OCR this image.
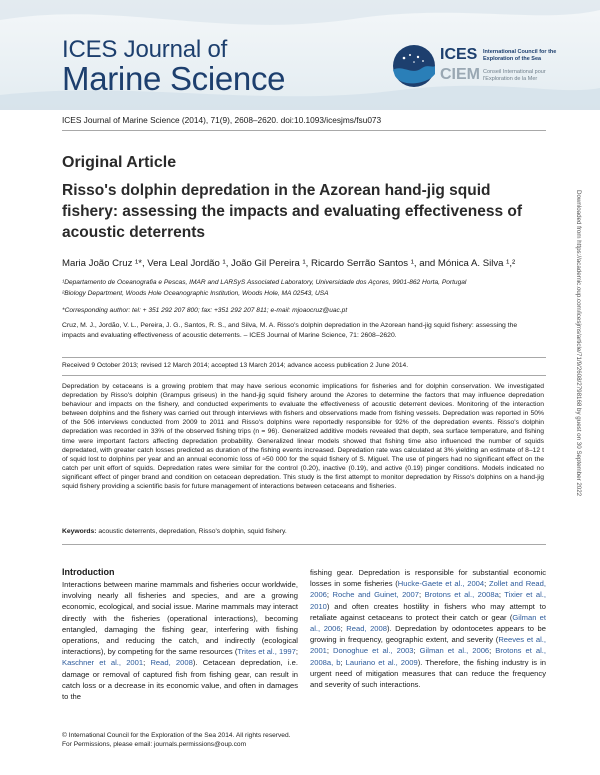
ICES Journal of
Marine Science
ICES
CIEM
International Council for the Exploration of the Sea
Conseil International pour l'Exploration de la Mer
ICES Journal of Marine Science (2014), 71(9), 2608–2620. doi:10.1093/icesjms/fsu073
Original Article
Risso's dolphin depredation in the Azorean hand-jig squid fishery: assessing the impacts and evaluating effectiveness of acoustic deterrents
Maria João Cruz ¹*, Vera Leal Jordão ¹, João Gil Pereira ¹, Ricardo Serrão Santos ¹, and Mónica A. Silva ¹,²
¹Departamento de Oceanografia e Pescas, IMAR and LARSyS Associated Laboratory, Universidade dos Açores, 9901-862 Horta, Portugal
²Biology Department, Woods Hole Oceanographic Institution, Woods Hole, MA 02543, USA
*Corresponding author: tel: + 351 292 207 800; fax: +351 292 207 811; e-mail: mjoaocruz@uac.pt
Cruz, M. J., Jordão, V. L., Pereira, J. G., Santos, R. S., and Silva, M. A. Risso's dolphin depredation in the Azorean hand-jig squid fishery: assessing the impacts and evaluating effectiveness of acoustic deterrents. – ICES Journal of Marine Science, 71: 2608–2620.
Received 9 October 2013; revised 12 March 2014; accepted 13 March 2014; advance access publication 2 June 2014.
Depredation by cetaceans is a growing problem that may have serious economic implications for fisheries and for dolphin conservation. We investigated depredation by Risso's dolphin (Grampus griseus) in the hand-jig squid fishery around the Azores to determine the factors that may influence depredation behaviour and impacts on the fishery, and conducted experiments to evaluate the effectiveness of acoustic deterrent devices. Monitoring of the interaction between dolphins and the fishery was carried out through interviews with fishers and observations made from fishing vessels. Depredation was reported in 50% of the 506 interviews conducted from 2009 to 2011 and Risso's dolphins were reportedly responsible for 92% of the depredation events. Risso's dolphin depredation was recorded in 33% of the observed fishing trips (n = 96). Generalized additive models revealed that depth, sea surface temperature, and fishing time were important factors affecting depredation probability. Generalized linear models showed that fishing time also influenced the number of squids depredated, with greater catch losses predicted as duration of the fishing events increased. Depredation rate was calculated at 3% yielding an estimate of 8–12 t of squid lost to dolphins per year and an annual economic loss of ≈50 000 for the squid fishery of S. Miguel. The use of pingers had no significant effect on the catch per unit effort of squids. Depredation rates were similar for the control (0.20), inactive (0.19), and active (0.19) pinger conditions. Models indicated no significant effect of pinger brand and condition on cetacean depredation. This study is the first attempt to monitor depredation by Risso's dolphins on a hand-jig squid fishery providing a scientific basis for future management of interactions between cetaceans and fisheries.
Keywords: acoustic deterrents, depredation, Risso's dolphin, squid fishery.
Introduction

Interactions between marine mammals and fisheries occur worldwide, involving nearly all fisheries and species, and are a growing economic, ecological, and social issue. Marine mammals may interact directly with the fisheries (operational interactions), becoming entangled, damaging the fishing gear, interfering with fishing operations, and reducing the catch, and indirectly (ecological interactions), by competing for the same resources (Trites et al., 1997; Kaschner et al., 2001; Read, 2008). Cetacean depredation, i.e. damage or removal of captured fish from fishing gear, can result in catch loss or a decrease in its economic value, and often in damages to the

fishing gear. Depredation is responsible for substantial economic losses in some fisheries (Hucke-Gaete et al., 2004; Zollet and Read, 2006; Roche and Guinet, 2007; Brotons et al., 2008a; Tixier et al., 2010) and often creates hostility in fishers who may attempt to retaliate against cetaceans to protect their catch or gear (Gilman et al., 2006; Read, 2008). Depredation by odontocetes appears to be growing in frequency, geographic extent, and severity (Reeves et al., 2001; Donoghue et al., 2003; Gilman et al., 2006; Brotons et al., 2008a, b; Lauriano et al., 2009). Therefore, the fishing industry is in urgent need of mitigation measures that can reduce the frequency and severity of such interactions.

© International Council for the Exploration of the Sea 2014. All rights reserved.
For Permissions, please email: journals.permissions@oup.com
Downloaded from https://academic.oup.com/icesjms/article/71/9/2608/2798168 by guest on 30 September 2022
